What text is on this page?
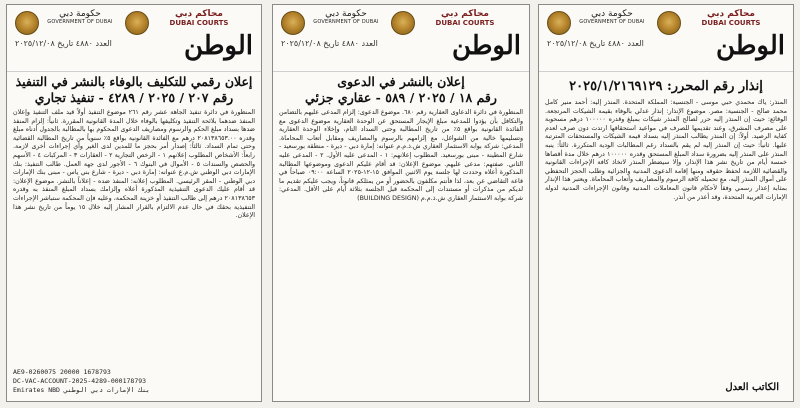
حكومة دبي
GOVERNMENT OF DUBAI
محاكم دبي
DUBAI COURTS
العدد ٤٨٨٠ تاريخ ٢٠٢٥/١٢/٠٨	الوطن
إعلان رقمي للتكليف بالوفاء بالنشر في التنفيذ
رقم ٢٠٧ / ٢٠٢٥ / ٤٢٨٩ - تنفيذ تجاري
المنظورة في دائرة تنفيذ الجاهة عشر رقم ٢٦١ موضوع التنفيذ أولاً قيد ملف التنفيذ وإعلان المنفذ ضدهما بلائحة التنفيذ وتكليفها بالوفاء خلال المدة القانونية المقررة. ثانياً: إلزام المنفذ ضدها بسداد مبلغ الحكم والرسوم ومصاريف الدعوى المحكوم بها بالمطالبة بالجدول أدناه مبلغ وقدره ٢٠٨١٣٨٦٥٣.٠٠ درهم مع الفائدة القانونية بواقع ٥٪ سنوياً من تاريخ المطالبة القضائية وحتى تمام السداد. ثالثاً: إصدار أمر بحجز ما للمدين لدى الغير وأي إجراءات أخرى لازمة. رابعاً: الأشخاص المطلوب إعلانهم ١ - الرخص التجارية ٢ - العقارات ٣ - المركبات ٤ - الأسهم والحصص والسندات ٥ - الأموال في البنوك ٦ - الأجور لدى جهة العمل. طالب التنفيذ: بنك الإمارات دبي الوطني ش.م.ع عنوانه: إمارة دبي - ديرة - شارع بني ياس - مبنى بنك الإمارات دبي الوطني - المقر الرئيسي. المطلوب إعلانه: المنفذ ضده - إعلاناً بالنشر. موضوع الإعلان: قد أقام عليك الدعوى التنفيذية المذكورة أعلاه وإلزامك بسداد المبلغ المنفذ به وقدره ٢٠٨١٣٨٦٥٣ درهم إلى طالب التنفيذ أو خزينة المحكمة، وعليه فإن المحكمة ستباشر الإجراءات التنفيذية بحقك في حال عدم الالتزام بالقرار المشار إليه خلال ١٥ يوماً من تاريخ نشر هذا الإعلان.
AE9-0260075 20000 1678793
DC-VAC-ACCOUNT-2025-4289-000178793
Emirates NBD بنك الإمارات دبي الوطني
حكومة دبي
GOVERNMENT OF DUBAI
محاكم دبي
DUBAI COURTS
العدد ٤٨٨٠ تاريخ ٢٠٢٥/١٢/٠٨	الوطن
إعلان بالنشر في الدعوى
رقم ١٨ / ٢٠٢٥ / ٥٨٩ - عقاري جزئي
المنظورة في دائرة الدعاوى العقارية رقم ٦٨٠. موضوع الدعوى: إلزام المدعى عليهم بالتضامن والتكافل بأن يؤدوا للمدعية مبلغ الإيجار المستحق عن الوحدة العقارية موضوع الدعوى مع الفائدة القانونية بواقع ٥٪ من تاريخ المطالبة وحتى السداد التام، وإخلاء الوحدة العقارية وتسليمها خالية من الشواغل، مع إلزامهم بالرسوم والمصاريف ومقابل أتعاب المحاماة. المدعي: شركة بوابة الاستثمار العقاري ش.ذ.م.م عنوانه: إمارة دبي - ديرة - منطقة بورسعيد - شارع المطينة - مبنى بورسعيد. المطلوب إعلانهم: ١ - المدعى عليه الأول. ٢ - المدعى عليه الثاني. صفتهم: مدعى عليهم. موضوع الإعلان: قد أقام عليكم الدعوى وموضوعها المطالبة المذكورة أعلاه وحددت لها جلسة يوم الاثنين الموافق ١٥-١٢-٢٠٢٥ الساعة ٠٩:٠٠ صباحاً في قاعة التقاضي عن بعد، لذا فأنتم مكلفون بالحضور أو من يمثلكم قانوناً، ويجب عليكم تقديم ما لديكم من مذكرات أو مستندات إلى المحكمة قبل الجلسة بثلاثة أيام على الأقل. المدعي: شركة بوابة الاستثمار العقاري ش.ذ.م.م (BUILDING DESIGN)
حكومة دبي
GOVERNMENT OF DUBAI
محاكم دبي
DUBAI COURTS
العدد ٤٨٨٠ تاريخ ٢٠٢٥/١٢/٠٨	الوطن
إنذار رقم المحرر: ٢٠٢٥/١/٢١٦٩١٢٩
المنذر: ياك محمدي حبي موسى - الجنسية: المملكة المتحدة. المنذر إليه: أحمد منير كامل محمد صالح - الجنسية: مصر. موضوع الإنذار: إنذار عدلي بالوفاء بقيمة الشيكات المرتجعة. الوقائع: حيث إن المنذر إليه حرر لصالح المنذر شيكات بمبلغ وقدره ١٠٠٠٠٠ درهم مسحوبة على مصرف المشرق، وعند تقديمها للصرف في مواعيد استحقاقها ارتدت دون صرف لعدم كفاية الرصيد. أولاً: إن المنذر يطالب المنذر إليه بسداد قيمة الشيكات والمستحقات المترتبة عليها. ثانياً: حيث إن المنذر إليه لم يقم بالسداد رغم المطالبات الودية المتكررة. ثالثاً: ينبه المنذر على المنذر إليه بضرورة سداد المبلغ المستحق وقدره ١٠٠٠٠٠ درهم خلال مدة أقصاها خمسة أيام من تاريخ نشر هذا الإنذار، وإلا سيضطر المنذر لاتخاذ كافة الإجراءات القانونية والقضائية اللازمة لحفظ حقوقه ومنها إقامة الدعوى المدنية والجزائية وطلب الحجز التحفظي على أموال المنذر إليه، مع تحميله كافة الرسوم والمصاريف وأتعاب المحاماة. ويعتبر هذا الإنذار بمثابة إعذار رسمي وفقاً لأحكام قانون المعاملات المدنية وقانون الإجراءات المدنية لدولة الإمارات العربية المتحدة، وقد أعذر من أنذر.
الكاتب العدل
